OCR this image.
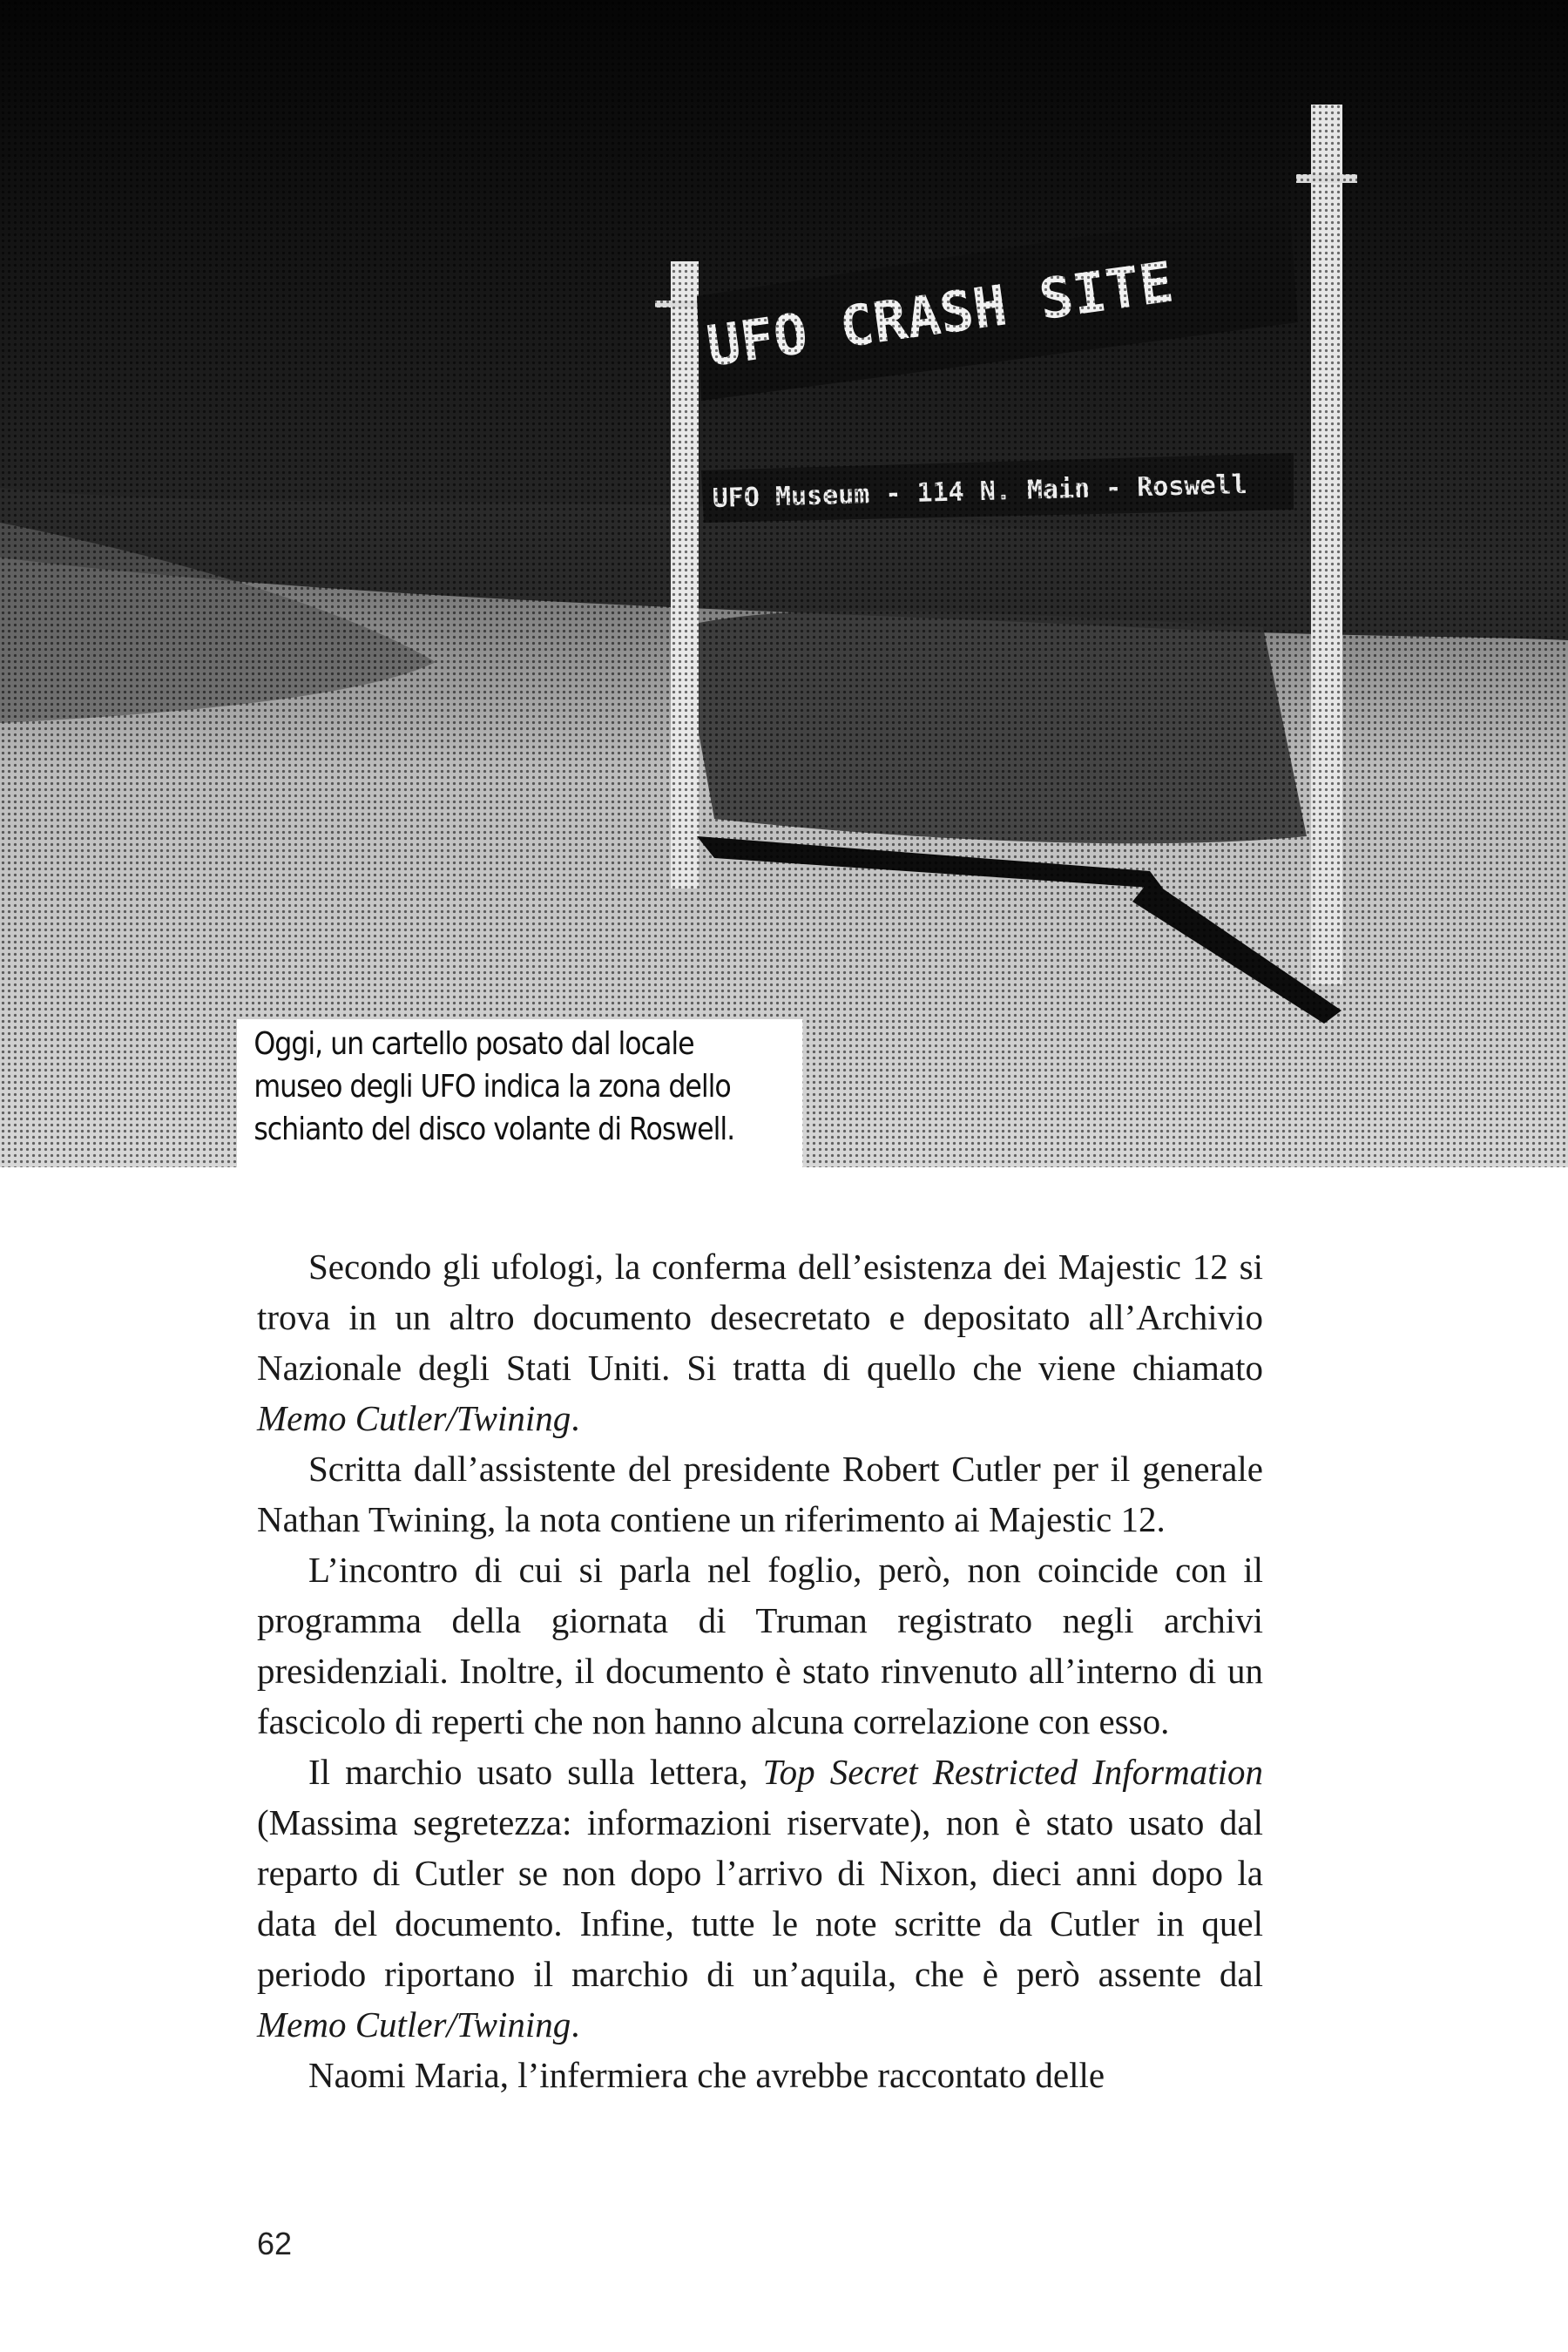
Oggi, un cartello posato dal locale
museo degli UFO indica la zona dello
schianto del disco volante di Roswell.

Secondo gli ufologi, la conferma dell’esistenza dei Majestic 12 si trova in un altro documento desecretato e depositato all’Archivio Nazionale degli Stati Uniti. Si tratta di quello che viene chiamato Memo Cutler/Twining.

Scritta dall’assistente del presidente Robert Cutler per il generale Nathan Twining, la nota contiene un riferimento ai Majestic 12.

L’incontro di cui si parla nel foglio, però, non coincide con il programma della giornata di Truman registrato negli archivi presidenziali. Inoltre, il documento è stato rinvenuto all’interno di un fascicolo di reperti che non hanno alcuna correlazione con esso.

Il marchio usato sulla lettera, Top Secret Restricted Information (Massima segretezza: informazioni riservate), non è stato usato dal reparto di Cutler se non dopo l’arrivo di Nixon, dieci anni dopo la data del documento. Infine, tutte le note scritte da Cutler in quel periodo riportano il marchio di un’aquila, che è però assente dal Memo Cutler/Twining.

Naomi Maria, l’infermiera che avrebbe raccontato delle

62
